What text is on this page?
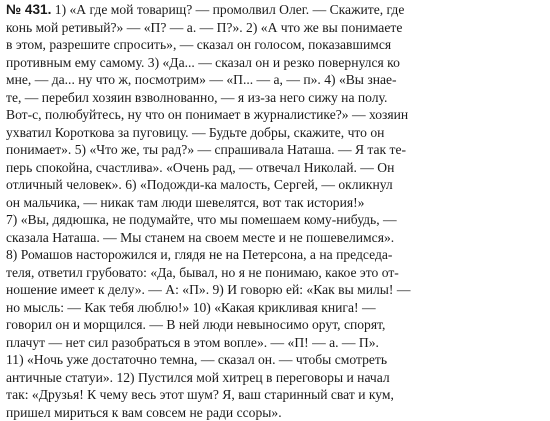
№ 431. 1) «А где мой товарищ? — промолвил Олег. — Скажите, где
конь мой ретивый?» — «П? — а. — П?». 2) «А что же вы понимаете
в этом, разрешите спросить», — сказал он голосом, показавшимся
противным ему самому. 3) «Да... — сказал он и резко повернулся ко
мне, — да... ну что ж, посмотрим» — «П... — а, — п». 4) «Вы знае-
те, — перебил хозяин взволнованно, — я из-за него сижу на полу.
Вот-с, полюбуйтесь, ну что он понимает в журналистике?» — хозяин
ухватил Короткова за пуговицу. — Будьте добры, скажите, что он
понимает». 5) «Что же, ты рад?» — спрашивала Наташа. — Я так те-
перь спокойна, счастлива». «Очень рад, — отвечал Николай. — Он
отличный человек». 6) «Подожди-ка малость, Сергей, — окликнул
он мальчика, — никак там люди шевелятся, вот так история!»
7) «Вы, дядюшка, не подумайте, что мы помешаем кому-нибудь, —
сказала Наташа. — Мы станем на своем месте и не пошевелимся».
8) Ромашов насторожился и, глядя не на Петерсона, а на председа-
теля, ответил грубовато: «Да, бывал, но я не понимаю, какое это от-
ношение имеет к делу». — А: «П». 9) И говорю ей: «Как вы милы! —
но мысль: — Как тебя люблю!» 10) «Какая крикливая книга! —
говорил он и морщился. — В ней люди невыносимо орут, спорят,
плачут — нет сил разобраться в этом вопле». — «П! — а. — П».
11) «Ночь уже достаточно темна, — сказал он. — чтобы смотреть
античные статуи». 12) Пустился мой хитрец в переговоры и начал
так: «Друзья! К чему весь этот шум? Я, ваш старинный сват и кум,
пришел мириться к вам совсем не ради ссоры».
